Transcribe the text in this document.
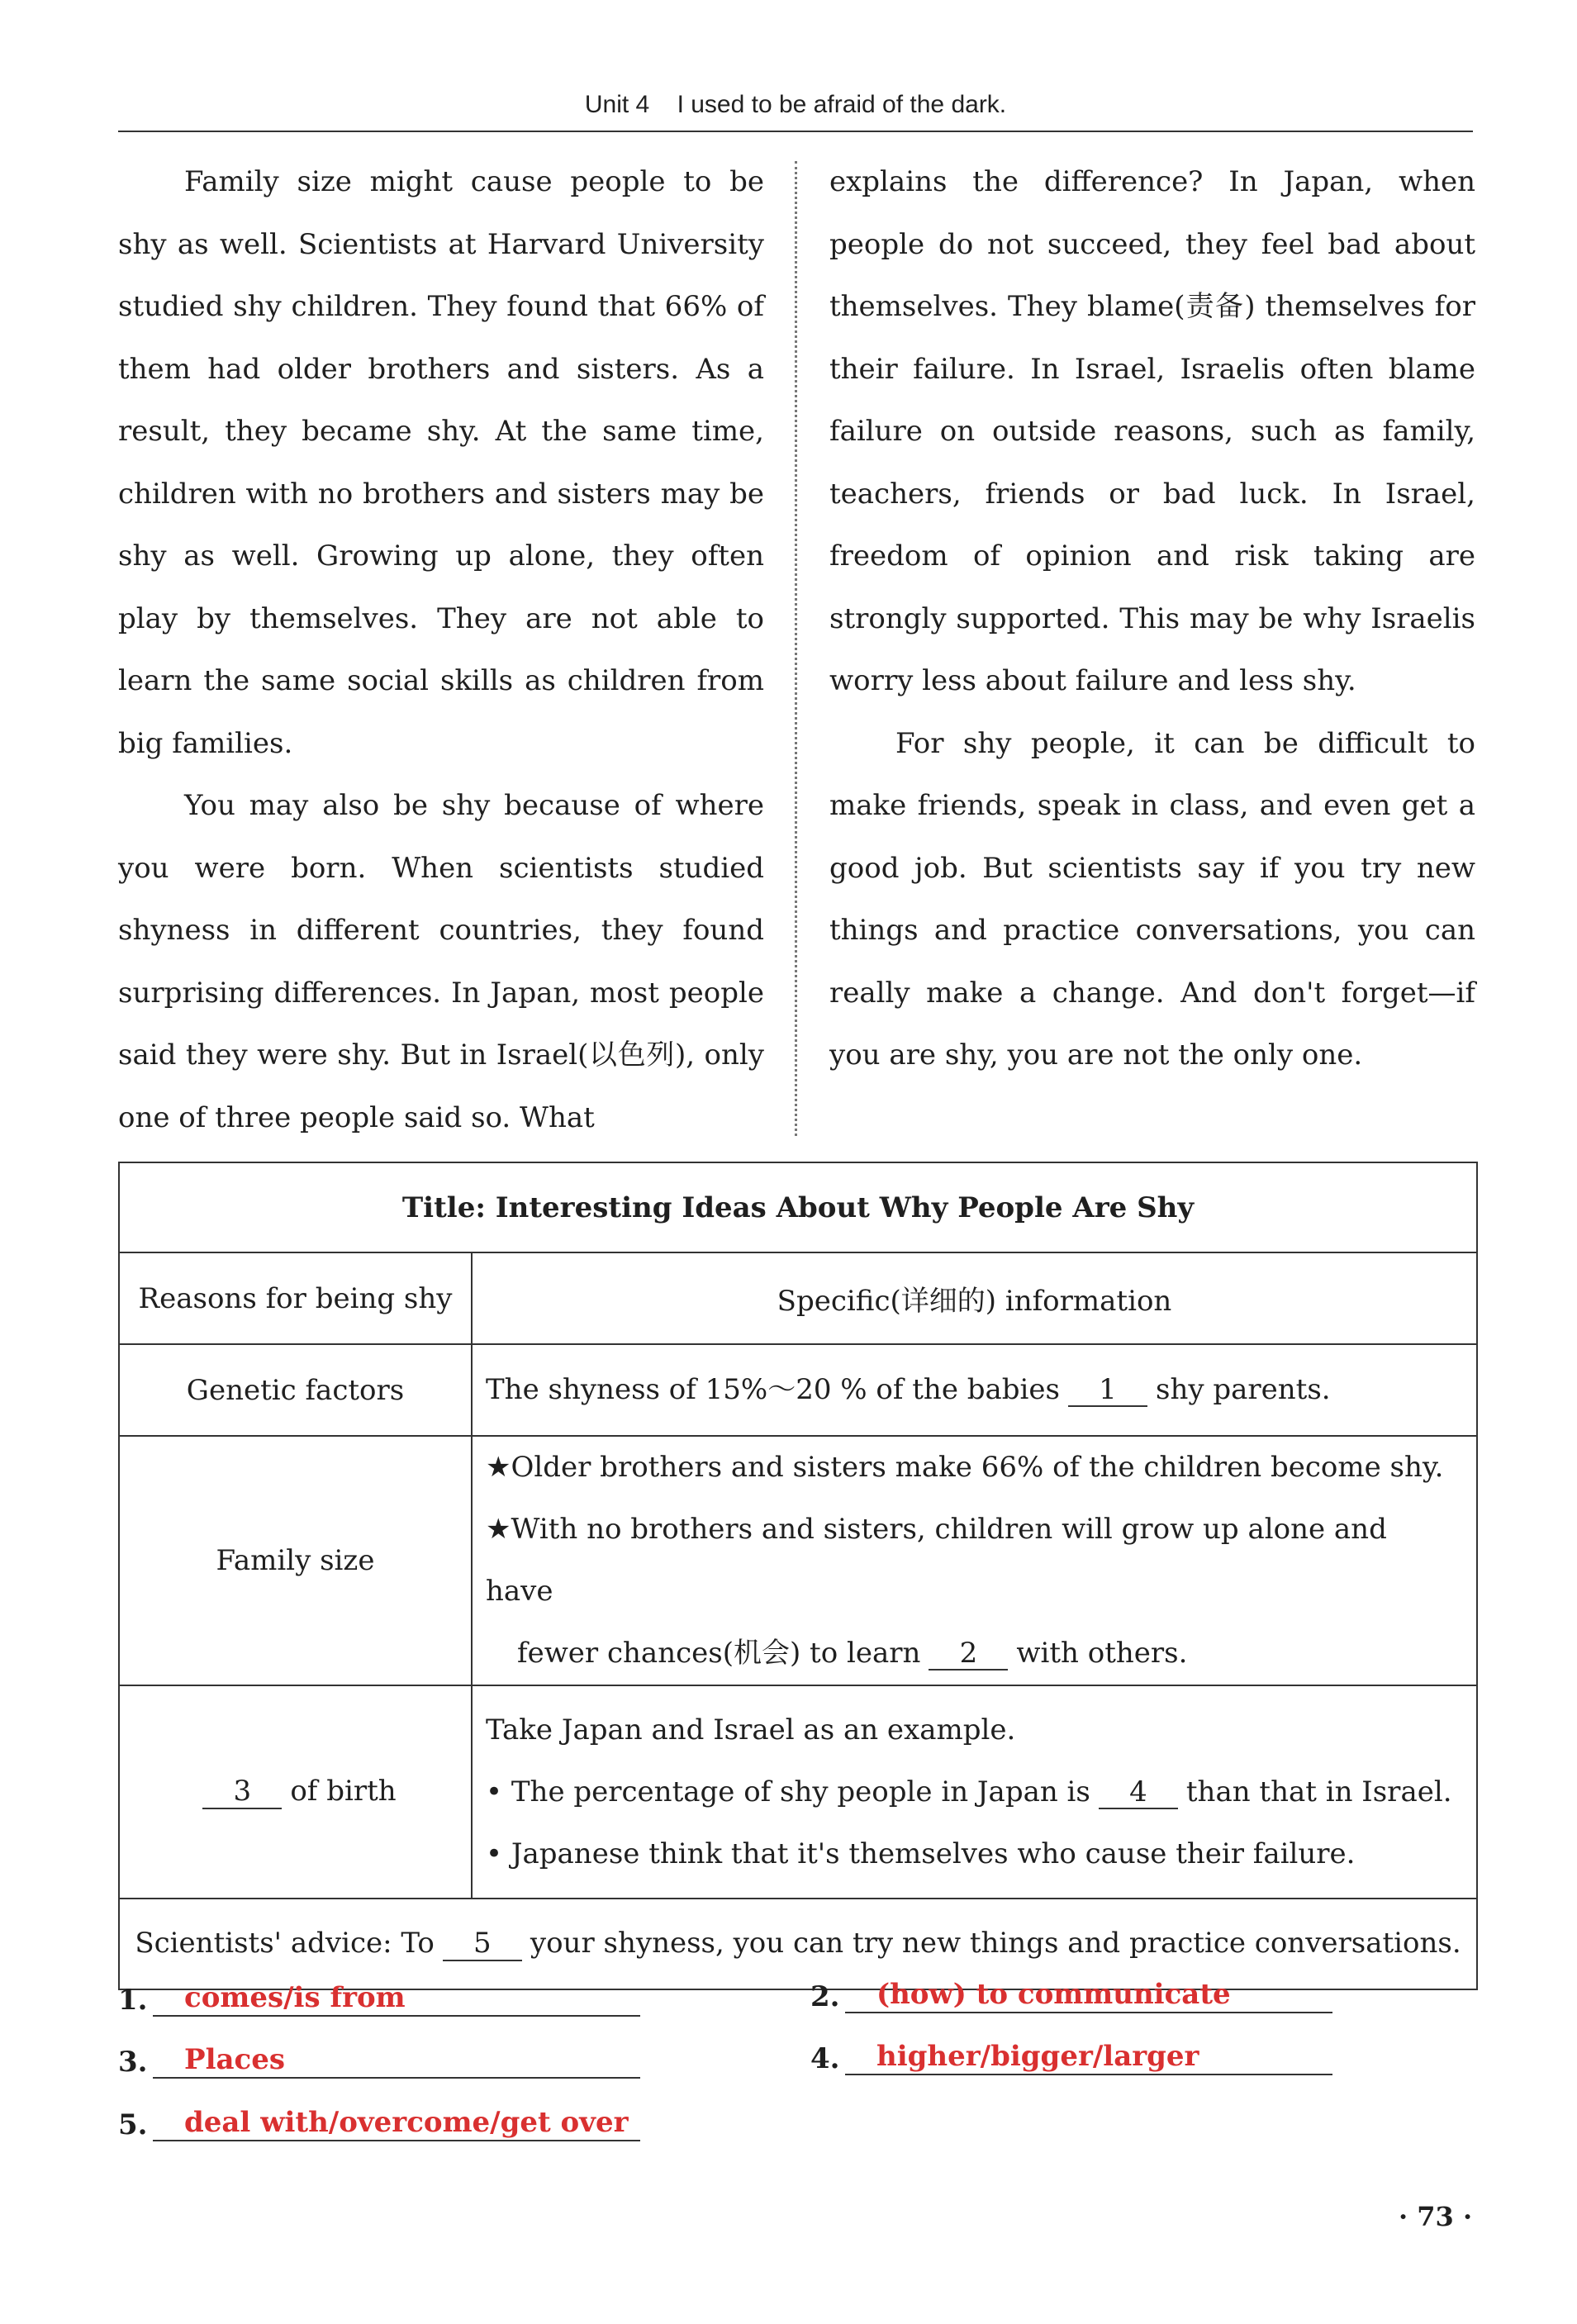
Unit 4 I used to be afraid of the dark.

Family size might cause people to be shy as well. Scientists at Harvard University studied shy children. They found that 66% of them had older brothers and sisters. As a result, they became shy. At the same time, children with no brothers and sisters may be shy as well. Growing up alone, they often play by themselves. They are not able to learn the same social skills as children from big families.

You may also be shy because of where you were born. When scientists studied shyness in different countries, they found surprising differences. In Japan, most people said they were shy. But in Israel(以色列), only one of three people said so. What

explains the difference? In Japan, when people do not succeed, they feel bad about themselves. They blame(责备) themselves for their failure. In Israel, Israelis often blame failure on outside reasons, such as family, teachers, friends or bad luck. In Israel, freedom of opinion and risk taking are strongly supported. This may be why Israelis worry less about failure and less shy.

For shy people, it can be difficult to make friends, speak in class, and even get a good job. But scientists say if you try new things and practice conversations, you can really make a change. And don't forget—if you are shy, you are not the only one.

Title: Interesting Ideas About Why People Are Shy	
Reasons for being shy	Specific(详细的) information
Genetic factors	The shyness of 15%～20 % of the babies 1 shy parents.
Family size	★Older brothers and sisters make 66% of the children become shy.
★With no brothers and sisters, children will grow up alone and have
fewer chances(机会) to learn 2 with others.

3 of birth	Take Japan and Israel as an example.
• The percentage of shy people in Japan is 4 than that in Israel.
• Japanese think that it's themselves who cause their failure.

Scientists' advice: To 5 your shyness, you can try new things and practice conversations.	
1.	comes/is from	2.	(how) to communicate
3.	Places	4.	higher/bigger/larger
5.	deal with/overcome/get over
· 73 ·
